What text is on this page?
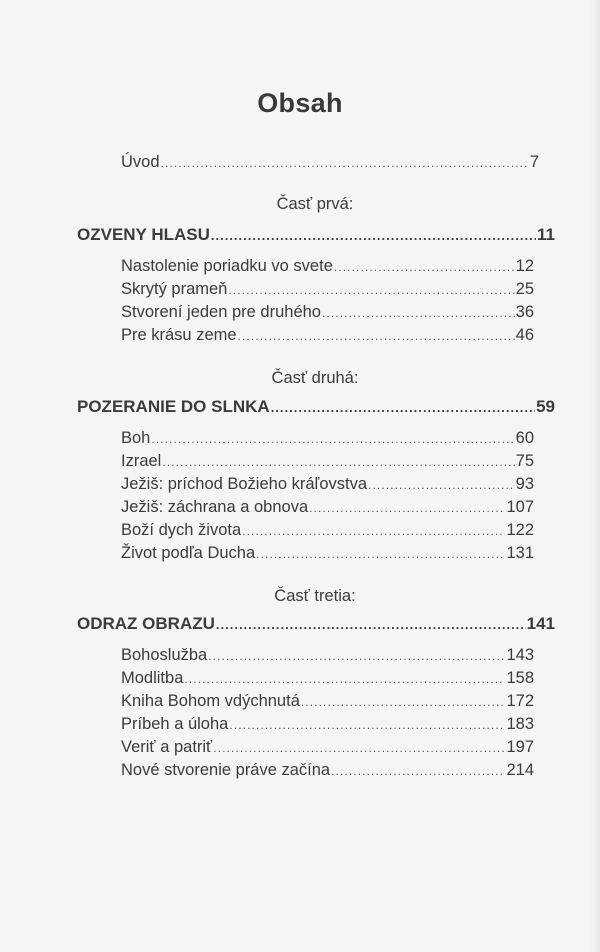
Obsah
Úvod .....	7
Časť prvá:
OZVENY HLASU .....	11
Nastolenie poriadku vo svete .....	12
Skrytý prameň .....	25
Stvorení jeden pre druhého .....	36
Pre krásu zeme .....	46
Časť druhá:
POZERANIE DO SLNKA .....	59
Boh .....	60
Izrael .....	75
Ježiš: príchod Božieho kráľovstva .....	93
Ježiš: záchrana a obnova .....	107
Boží dych života .....	122
Život podľa Ducha .....	131
Časť tretia:
ODRAZ OBRAZU .....	141
Bohoslužba .....	143
Modlitba .....	158
Kniha Bohom vdýchnutá .....	172
Príbeh a úloha .....	183
Veriť a patriť .....	197
Nové stvorenie práve začína .....	214
